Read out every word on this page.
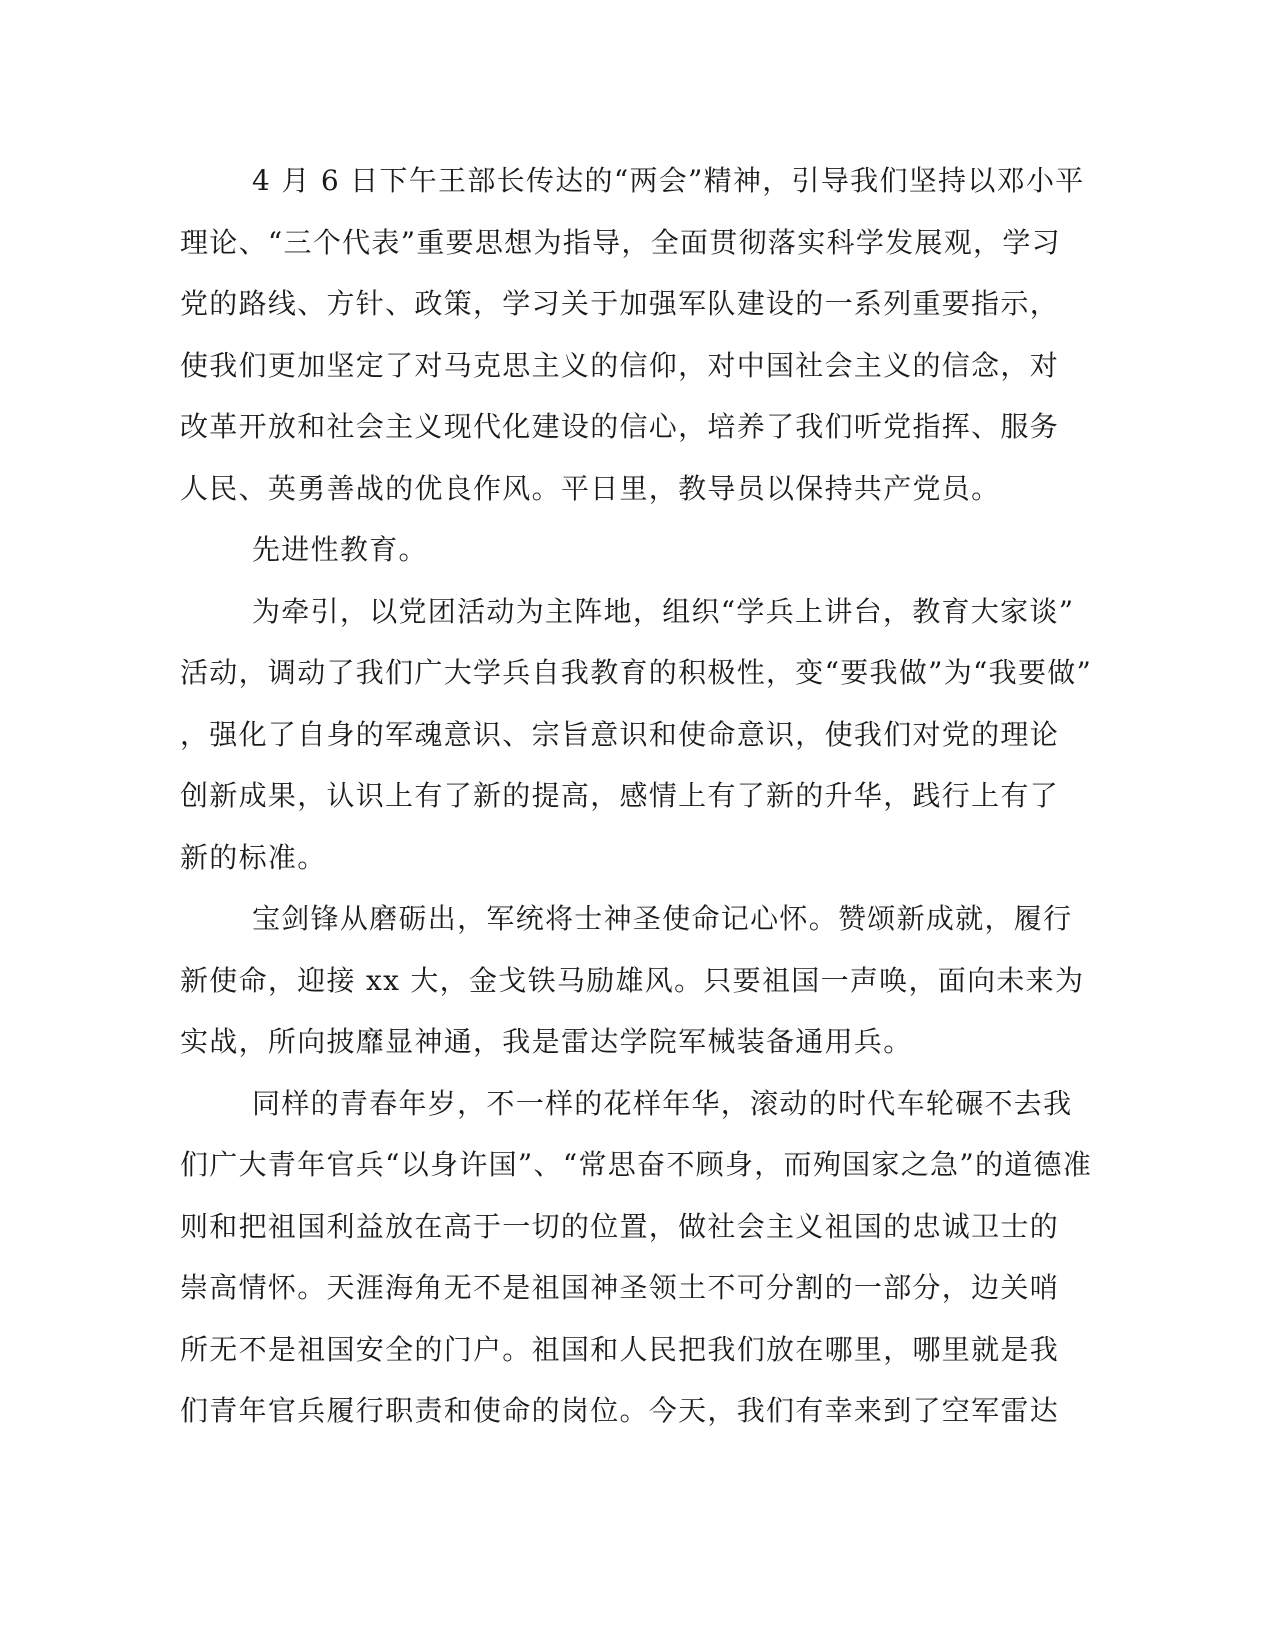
4 月 6 日下午王部长传达的“两会”精神，引导我们坚持以邓小平
理论、“三个代表”重要思想为指导，全面贯彻落实科学发展观，学习
党的路线、方针、政策，学习关于加强军队建设的一系列重要指示，
使我们更加坚定了对马克思主义的信仰，对中国社会主义的信念，对
改革开放和社会主义现代化建设的信心，培养了我们听党指挥、服务
人民、英勇善战的优良作风。平日里，教导员以保持共产党员。
先进性教育。
为牵引，以党团活动为主阵地，组织“学兵上讲台，教育大家谈”
活动，调动了我们广大学兵自我教育的积极性，变“要我做”为“我要做”
，强化了自身的军魂意识、宗旨意识和使命意识，使我们对党的理论
创新成果，认识上有了新的提高，感情上有了新的升华，践行上有了
新的标准。
宝剑锋从磨砺出，军统将士神圣使命记心怀。赞颂新成就，履行
新使命，迎接 xx 大，金戈铁马励雄风。只要祖国一声唤，面向未来为
实战，所向披靡显神通，我是雷达学院军械装备通用兵。
同样的青春年岁，不一样的花样年华，滚动的时代车轮碾不去我
们广大青年官兵“以身许国”、“常思奋不顾身，而殉国家之急”的道德准
则和把祖国利益放在高于一切的位置，做社会主义祖国的忠诚卫士的
崇高情怀。天涯海角无不是祖国神圣领土不可分割的一部分，边关哨
所无不是祖国安全的门户。祖国和人民把我们放在哪里，哪里就是我
们青年官兵履行职责和使命的岗位。今天，我们有幸来到了空军雷达
